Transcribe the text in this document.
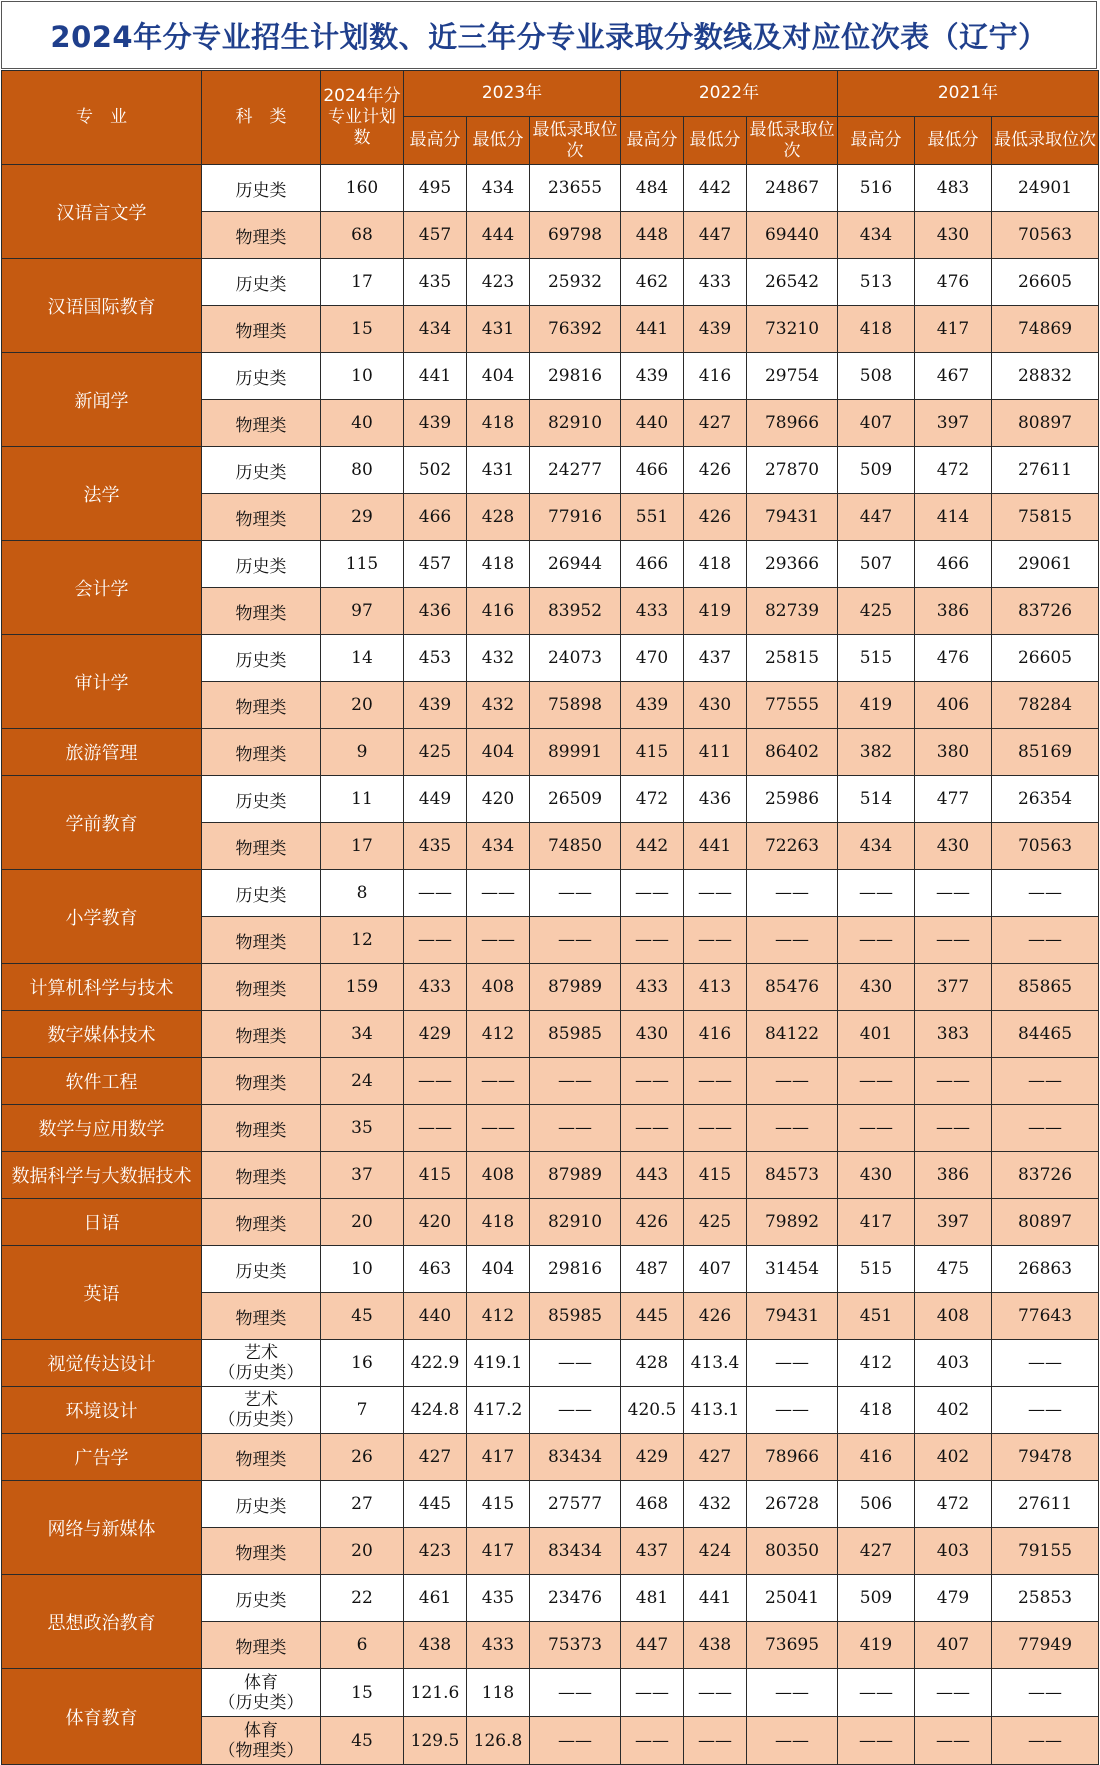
2024年分专业招生计划数、近三年分专业录取分数线及对应位次表（辽宁）
专　业	科　类	2024年分专业计划数	2023年			2022年			2021年		
			最高分	最低分	最低录取位次	最高分	最低分	最低录取位次	最高分	最低分	最低录取位次
汉语言文学	历史类	160	495	434	23655	484	442	24867	516	483	24901
	物理类	68	457	444	69798	448	447	69440	434	430	70563
汉语国际教育	历史类	17	435	423	25932	462	433	26542	513	476	26605
	物理类	15	434	431	76392	441	439	73210	418	417	74869
新闻学	历史类	10	441	404	29816	439	416	29754	508	467	28832
	物理类	40	439	418	82910	440	427	78966	407	397	80897
法学	历史类	80	502	431	24277	466	426	27870	509	472	27611
	物理类	29	466	428	77916	551	426	79431	447	414	75815
会计学	历史类	115	457	418	26944	466	418	29366	507	466	29061
	物理类	97	436	416	83952	433	419	82739	425	386	83726
审计学	历史类	14	453	432	24073	470	437	25815	515	476	26605
	物理类	20	439	432	75898	439	430	77555	419	406	78284
旅游管理	物理类	9	425	404	89991	415	411	86402	382	380	85169
学前教育	历史类	11	449	420	26509	472	436	25986	514	477	26354
	物理类	17	435	434	74850	442	441	72263	434	430	70563
小学教育	历史类	8	——	——	——	——	——	——	——	——	——
	物理类	12	——	——	——	——	——	——	——	——	——
计算机科学与技术	物理类	159	433	408	87989	433	413	85476	430	377	85865
数字媒体技术	物理类	34	429	412	85985	430	416	84122	401	383	84465
软件工程	物理类	24	——	——	——	——	——	——	——	——	——
数学与应用数学	物理类	35	——	——	——	——	——	——	——	——	——
数据科学与大数据技术	物理类	37	415	408	87989	443	415	84573	430	386	83726
日语	物理类	20	420	418	82910	426	425	79892	417	397	80897
英语	历史类	10	463	404	29816	487	407	31454	515	475	26863
	物理类	45	440	412	85985	445	426	79431	451	408	77643
视觉传达设计	艺术
（历史类）	16	422.9	419.1	——	428	413.4	——	412	403	——
环境设计	艺术
（历史类）	7	424.8	417.2	——	420.5	413.1	——	418	402	——
广告学	物理类	26	427	417	83434	429	427	78966	416	402	79478
网络与新媒体	历史类	27	445	415	27577	468	432	26728	506	472	27611
	物理类	20	423	417	83434	437	424	80350	427	403	79155
思想政治教育	历史类	22	461	435	23476	481	441	25041	509	479	25853
	物理类	6	438	433	75373	447	438	73695	419	407	77949
体育教育	体育
（历史类）	15	121.6	118	——	——	——	——	——	——	——

	体育
（物理类）	45	129.5	126.8	——	——	——	——	——	——	——
